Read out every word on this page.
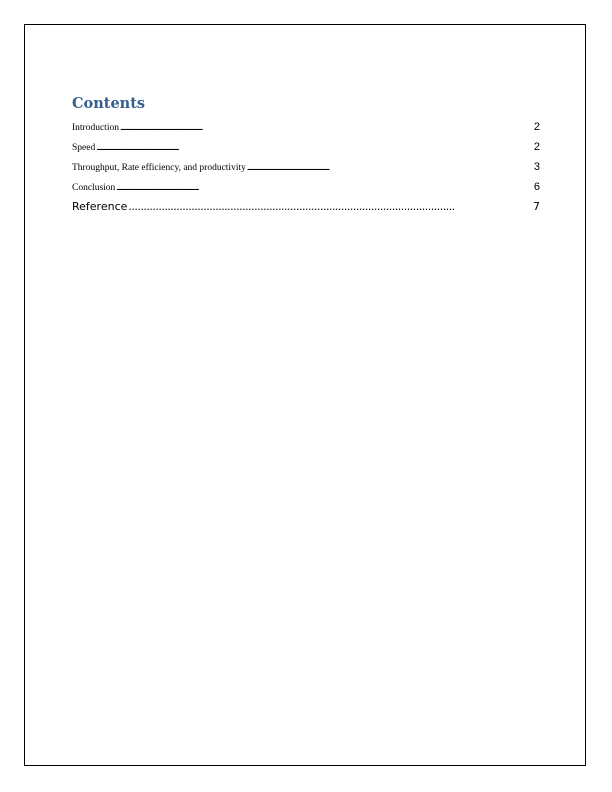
Contents
Introduction . . .	2
Speed . . .	2
Throughput, Rate efficiency, and productivity . . .	3
Conclusion . . .	6
Reference . . .	7
